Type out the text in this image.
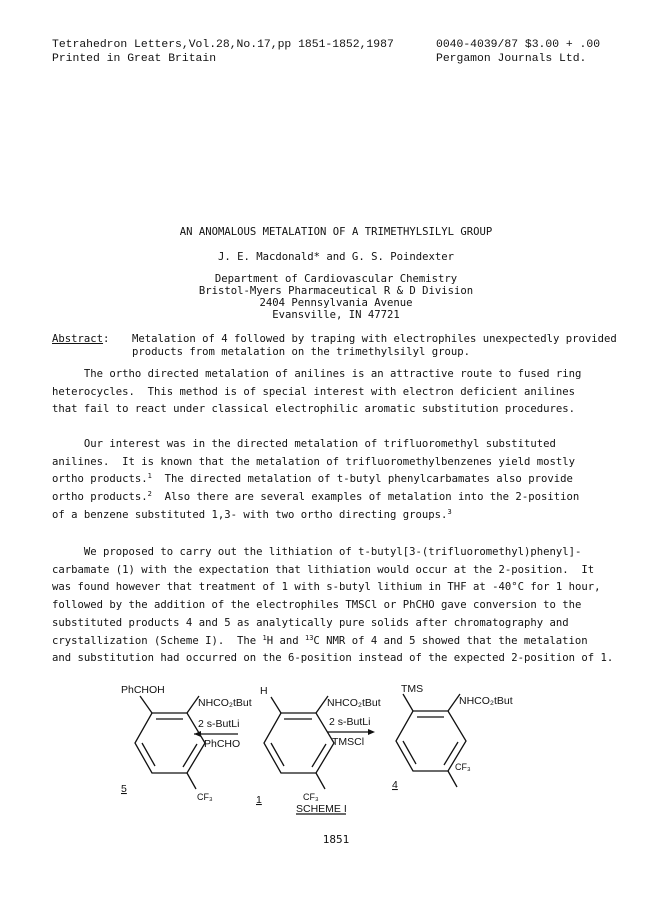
Tetrahedron Letters,Vol.28,No.17,pp 1851-1852,1987
Printed in Great Britain
0040-4039/87 $3.00 + .00
Pergamon Journals Ltd.
AN ANOMALOUS METALATION OF A TRIMETHYLSILYL GROUP
J. E. Macdonald* and G. S. Poindexter
Department of Cardiovascular Chemistry
Bristol-Myers Pharmaceutical R & D Division
2404 Pennsylvania Avenue
Evansville, IN 47721
Abstract: Metalation of 4 followed by traping with electrophiles unexpectedly provided
products from metalation on the trimethylsilyl group.
The ortho directed metalation of anilines is an attractive route to fused ring
heterocycles.  This method is of special interest with electron deficient anilines
that fail to react under classical electrophilic aromatic substitution procedures.
Our interest was in the directed metalation of trifluoromethyl substituted
anilines.  It is known that the metalation of trifluoromethylbenzenes yield mostly
ortho products.$^1$  The directed metalation of t-butyl phenylcarbamates also provide
ortho products.$^2$  Also there are several examples of metalation into the 2-position
of a benzene substituted 1,3- with two ortho directing groups.$^3$
We proposed to carry out the lithiation of t-butyl[3-(trifluoromethyl)phenyl]-
carbamate (1) with the expectation that lithiation would occur at the 2-position.  It
was found however that treatment of 1 with s-butyl lithium in THF at -40°C for 1 hour,
followed by the addition of the electrophiles TMSCl or PhCHO gave conversion to the
substituted products 4 and 5 as analytically pure solids after chromatography and
crystallization (Scheme I).  The $^1$H and $^{13}$C NMR of 4 and 5 showed that the metalation
and substitution had occurred on the 6-position instead of the expected 2-position of 1.
PhCHOH
NHCO₂tBut
CF₃
5
H
NHCO₂tBut
CF₃
1
TMS
NHCO₂tBut
CF₃
4
2 s-ButLi
PhCHO
2 s-ButLi
TMSCl
SCHEME I
1851
